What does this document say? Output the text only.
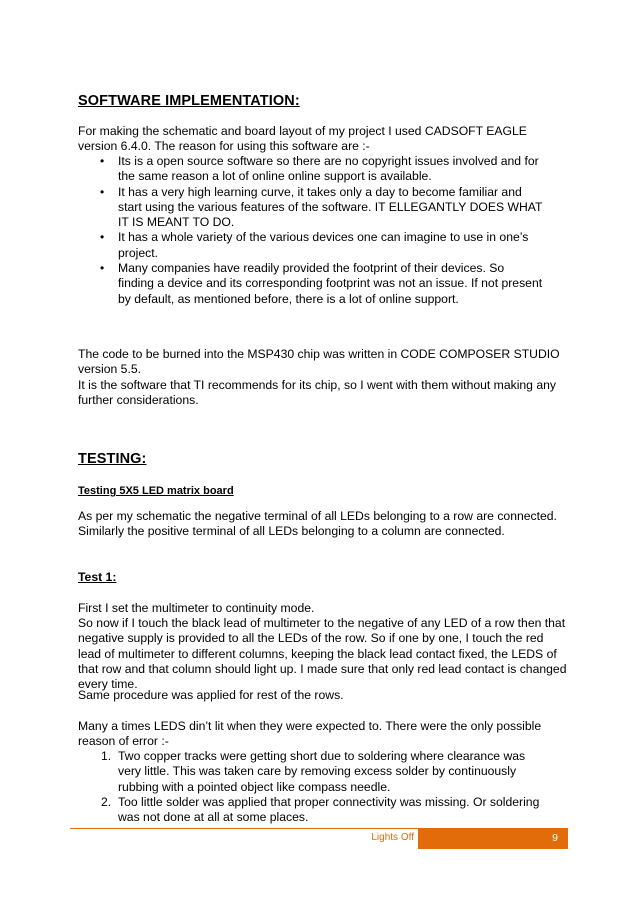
SOFTWARE IMPLEMENTATION:
For making the schematic and board layout of my project I used CADSOFT EAGLE version 6.4.0. The reason for using this software are :-
• Its is a open source software so there are no copyright issues involved and for the same reason a lot of online online support is available.
• It has a very high learning curve, it takes only a day to become familiar and start using the various features of the software. IT ELLEGANTLY DOES WHAT IT IS MEANT TO DO.
• It has a whole variety of the various devices one can imagine to use in one’s project.
• Many companies have readily provided the footprint of their devices. So finding a device and its corresponding footprint was not an issue. If not present by default, as mentioned before, there is a lot of online support.
The code to be burned into the MSP430 chip was written in CODE COMPOSER STUDIO version 5.5.
It is the software that TI recommends for its chip, so I went with them without making any further considerations.
TESTING:
Testing 5X5 LED matrix board
As per my schematic the negative terminal of all LEDs belonging to a row are connected. Similarly the positive terminal of all LEDs belonging to a column are connected.
Test 1:
First I set the multimeter to continuity mode.
So now if I touch the black lead of multimeter to the negative of any LED of a row then that negative supply is provided to all the LEDs of the row. So if one by one, I touch the red lead of multimeter to different columns, keeping the black lead contact fixed, the LEDS of that row and that column should light up. I made sure that only red lead contact is changed every time.
Same procedure was applied for rest of the rows.
Many a times LEDS din’t lit when they were expected to. There were the only possible reason of error :-
1. Two copper tracks were getting short due to soldering where clearance was very little. This was taken care by removing excess solder by continuously rubbing with a pointed object like compass needle.
2. Too little solder was applied that proper connectivity was missing. Or soldering was not done at all at some places.
Lights Off	9
